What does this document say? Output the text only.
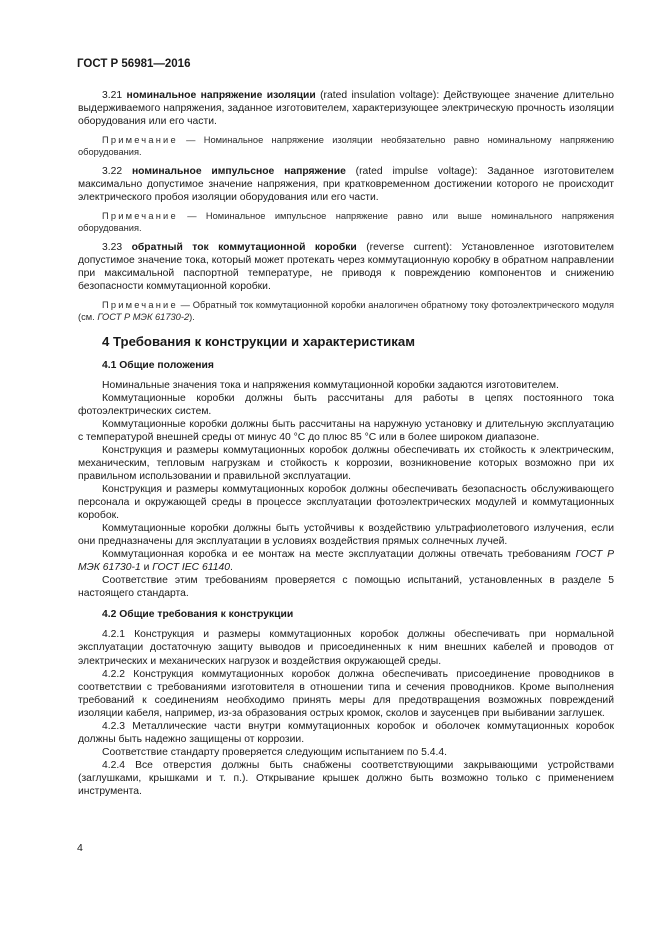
ГОСТ Р 56981—2016

3.21 номинальное напряжение изоляции (rated insulation voltage): Действующее значение длительно выдерживаемого напряжения, заданное изготовителем, характеризующее электрическую прочность изоляции оборудования или его части.

Примечание — Номинальное напряжение изоляции необязательно равно номинальному напряжению оборудования.

3.22 номинальное импульсное напряжение (rated impulse voltage): Заданное изготовителем максимально допустимое значение напряжения, при кратковременном достижении которого не происходит электрического пробоя изоляции оборудования или его части.

Примечание — Номинальное импульсное напряжение равно или выше номинального напряжения оборудования.

3.23 обратный ток коммутационной коробки (reverse current): Установленное изготовителем допустимое значение тока, который может протекать через коммутационную коробку в обратном направлении при максимальной паспортной температуре, не приводя к повреждению компонентов и снижению безопасности коммутационной коробки.

Примечание — Обратный ток коммутационной коробки аналогичен обратному току фотоэлектрического модуля (см. ГОСТ Р МЭК 61730-2).

4 Требования к конструкции и характеристикам

4.1 Общие положения

Номинальные значения тока и напряжения коммутационной коробки задаются изготовителем.

Коммутационные коробки должны быть рассчитаны для работы в цепях постоянного тока фотоэлектрических систем.

Коммутационные коробки должны быть рассчитаны на наружную установку и длительную эксплуатацию с температурой внешней среды от минус 40 °С до плюс 85 °С или в более широком диапазоне.

Конструкция и размеры коммутационных коробок должны обеспечивать их стойкость к электрическим, механическим, тепловым нагрузкам и стойкость к коррозии, возникновение которых возможно при их правильном использовании и правильной эксплуатации.

Конструкция и размеры коммутационных коробок должны обеспечивать безопасность обслуживающего персонала и окружающей среды в процессе эксплуатации фотоэлектрических модулей и коммутационных коробок.

Коммутационные коробки должны быть устойчивы к воздействию ультрафиолетового излучения, если они предназначены для эксплуатации в условиях воздействия прямых солнечных лучей.

Коммутационная коробка и ее монтаж на месте эксплуатации должны отвечать требованиям ГОСТ Р МЭК 61730-1 и ГОСТ IEC 61140.

Соответствие этим требованиям проверяется с помощью испытаний, установленных в разделе 5 настоящего стандарта.

4.2 Общие требования к конструкции

4.2.1 Конструкция и размеры коммутационных коробок должны обеспечивать при нормальной эксплуатации достаточную защиту выводов и присоединенных к ним внешних кабелей и проводов от электрических и механических нагрузок и воздействия окружающей среды.

4.2.2 Конструкция коммутационных коробок должна обеспечивать присоединение проводников в соответствии с требованиями изготовителя в отношении типа и сечения проводников. Кроме выполнения требований к соединениям необходимо принять меры для предотвращения возможных повреждений изоляции кабеля, например, из-за образования острых кромок, сколов и заусенцев при выбивании заглушек.

4.2.3 Металлические части внутри коммутационных коробок и оболочек коммутационных коробок должны быть надежно защищены от коррозии.

Соответствие стандарту проверяется следующим испытанием по 5.4.4.

4.2.4 Все отверстия должны быть снабжены соответствующими закрывающими устройствами (заглушками, крышками и т. п.). Открывание крышек должно быть возможно только с применением инструмента.

4
